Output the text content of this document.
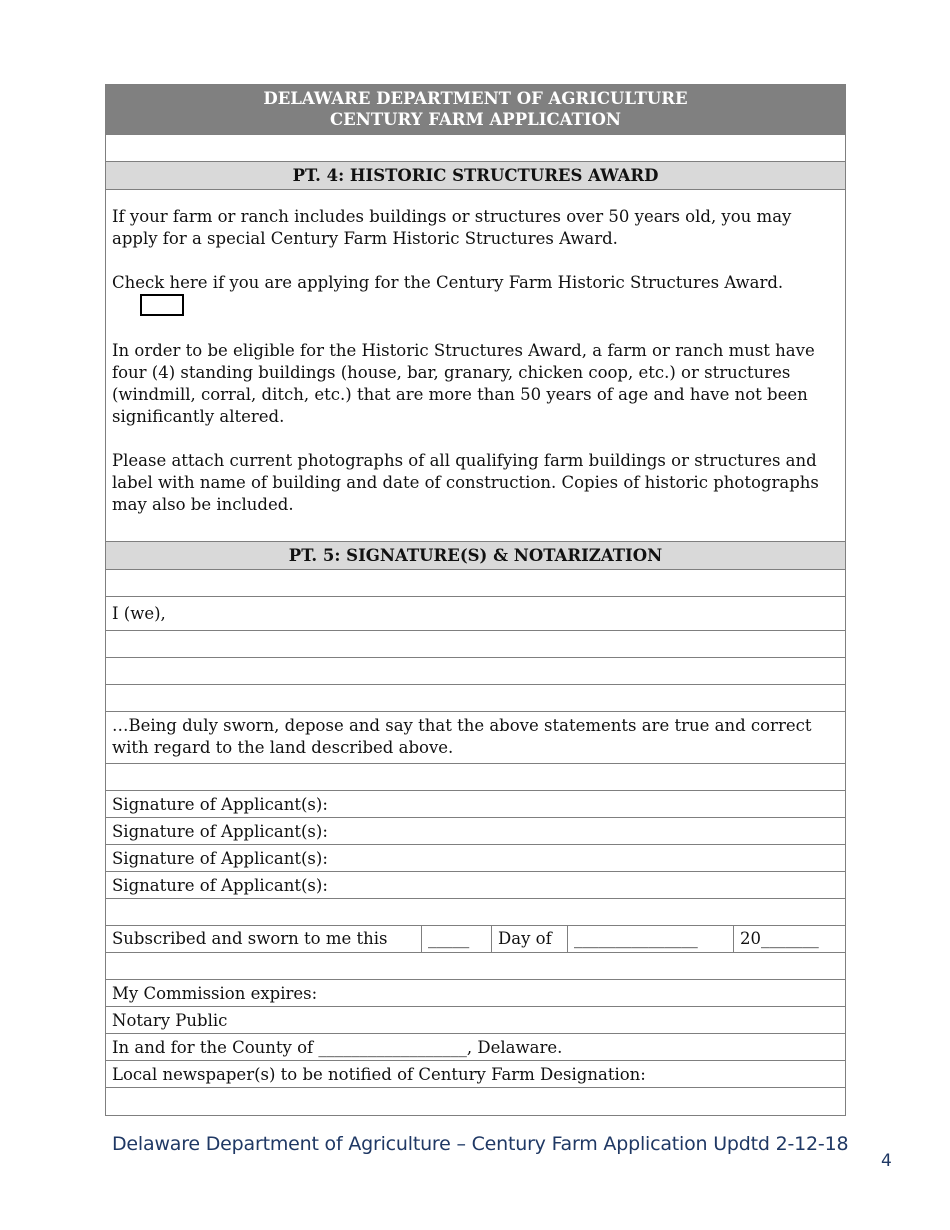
DELAWARE DEPARTMENT OF AGRICULTURE
CENTURY FARM APPLICATION
PT. 4: HISTORIC STRUCTURES AWARD

If your farm or ranch includes buildings or structures over 50 years old, you may apply for a special Century Farm Historic Structures Award.

Check here if you are applying for the Century Farm Historic Structures Award.

In order to be eligible for the Historic Structures Award, a farm or ranch must have four (4) standing buildings (house, bar, granary, chicken coop, etc.) or structures (windmill, corral, ditch, etc.) that are more than 50 years of age and have not been significantly altered.

Please attach current photographs of all qualifying farm buildings or structures and label with name of building and date of construction. Copies of historic photographs may also be included.

PT. 5: SIGNATURE(S) & NOTARIZATION
I (we),
…Being duly sworn, depose and say that the above statements are true and correct with regard to the land described above.
Signature of Applicant(s):
Signature of Applicant(s):
Signature of Applicant(s):
Signature of Applicant(s):
Subscribed and sworn to me this	_____	Day of	_______________	20_______
My Commission expires:
Notary Public
In and for the County of __________________, Delaware.
Local newspaper(s) to be notified of Century Farm Designation:
Delaware Department of Agriculture – Century Farm Application Updtd 2-12-18
4
